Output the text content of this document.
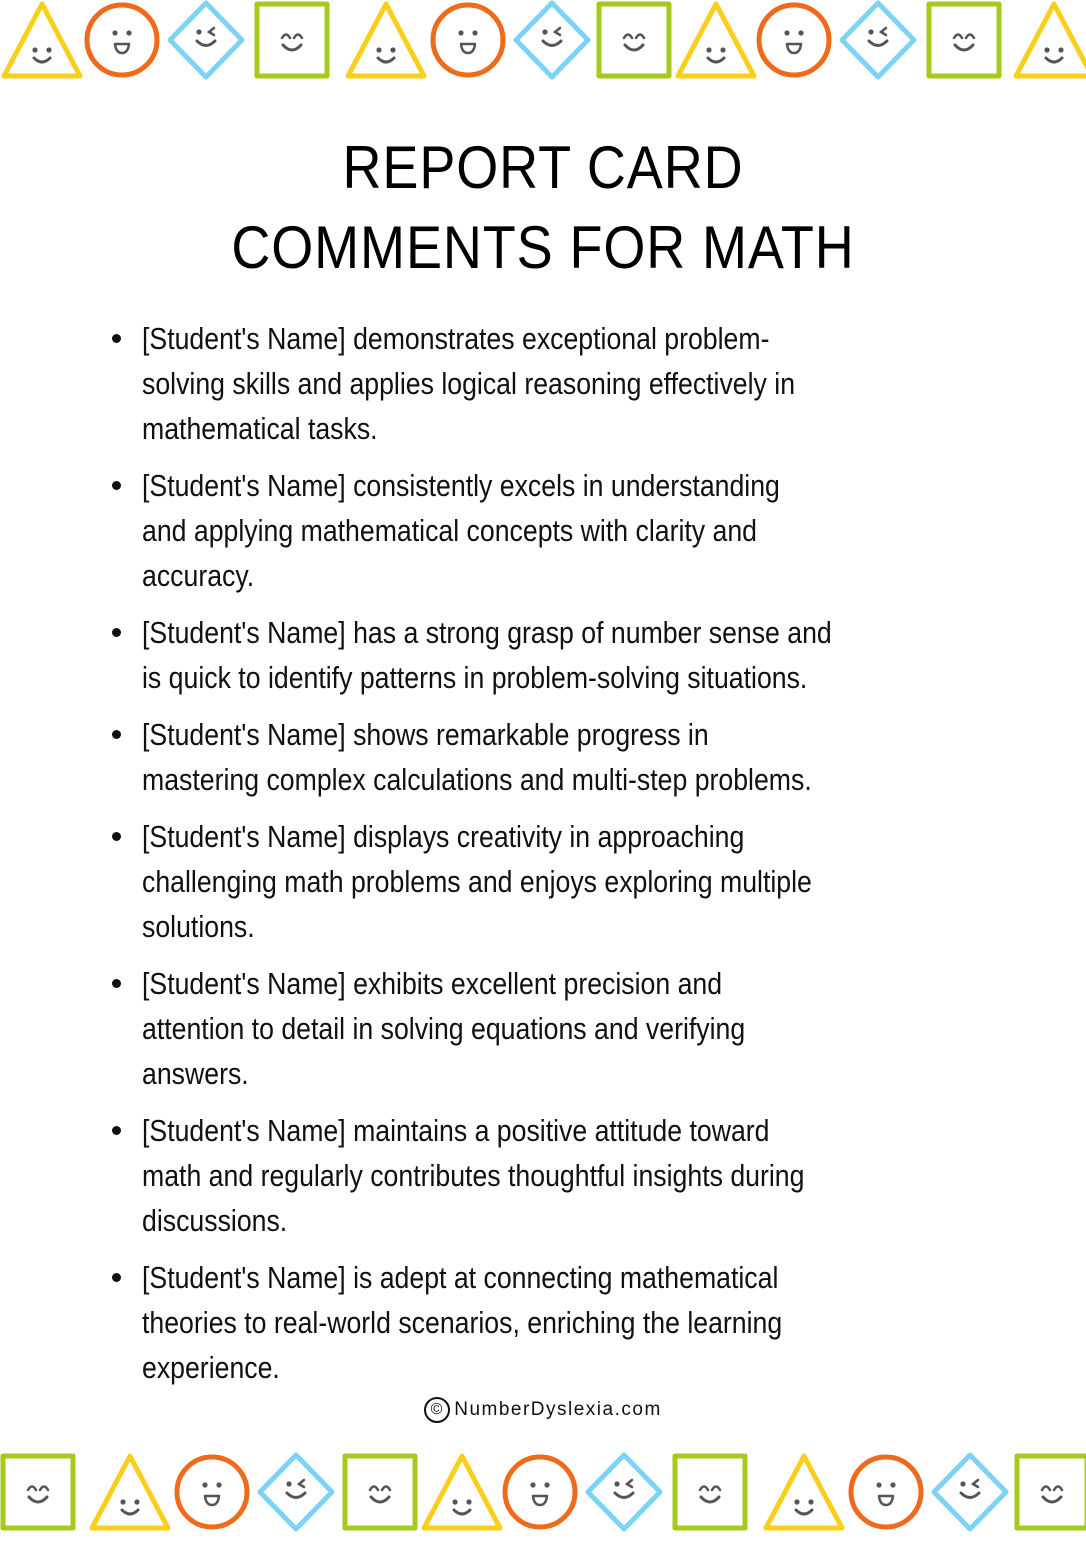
REPORT CARD
COMMENTS FOR MATH
[Student's Name] demonstrates exceptional problem-
solving skills and applies logical reasoning effectively in
mathematical tasks.
[Student's Name] consistently excels in understanding
and applying mathematical concepts with clarity and
accuracy.
[Student's Name] has a strong grasp of number sense and
is quick to identify patterns in problem-solving situations.
[Student's Name] shows remarkable progress in
mastering complex calculations and multi-step problems.
[Student's Name] displays creativity in approaching
challenging math problems and enjoys exploring multiple
solutions.
[Student's Name] exhibits excellent precision and
attention to detail in solving equations and verifying
answers.
[Student's Name] maintains a positive attitude toward
math and regularly contributes thoughtful insights during
discussions.
[Student's Name] is adept at connecting mathematical
theories to real-world scenarios, enriching the learning
experience.
© NumberDyslexia.com
